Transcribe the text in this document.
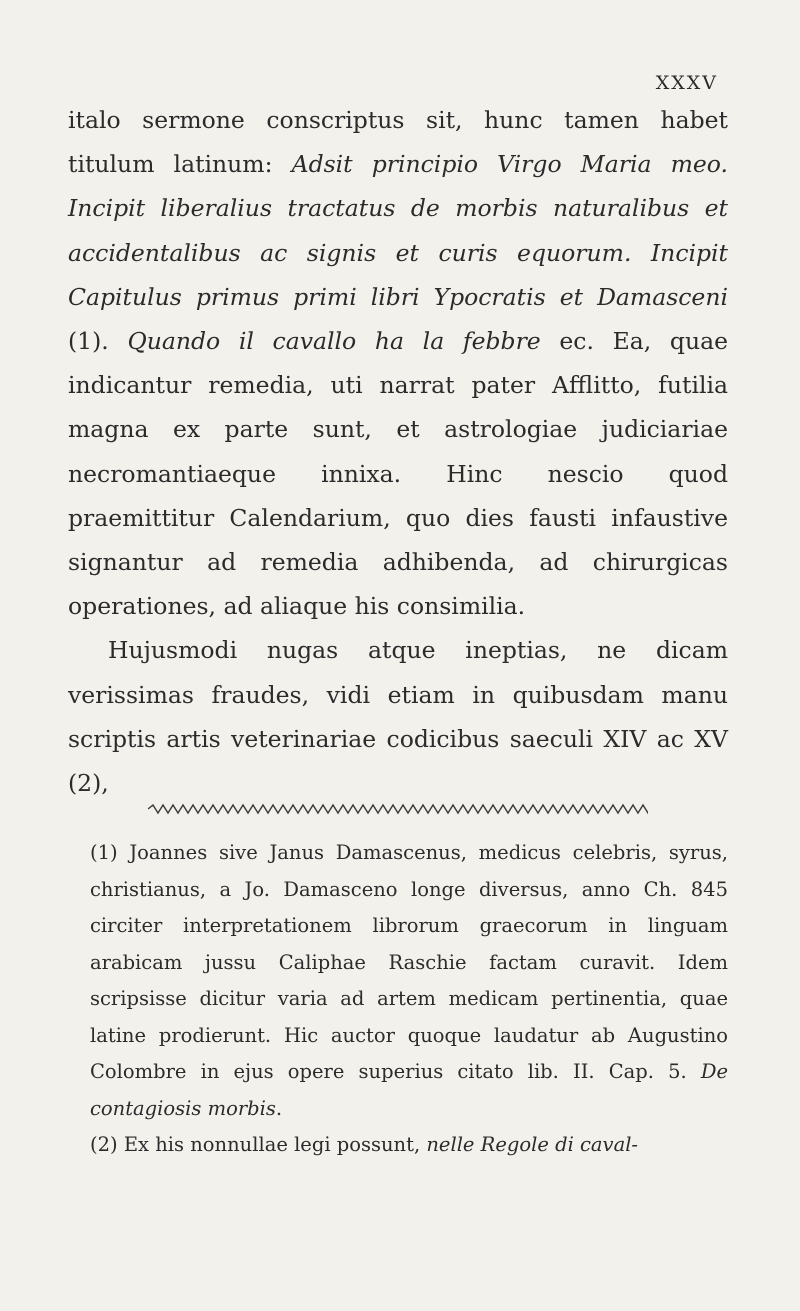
XXXV

italo sermone conscriptus sit, hunc tamen habet titulum latinum: Adsit principio Virgo Maria meo. Incipit liberalius tractatus de morbis naturalibus et accidentalibus ac signis et curis equorum. Incipit Capitulus primus primi libri Ypocratis et Damasceni (1). Quando il cavallo ha la febbre ec. Ea, quae indicantur remedia, uti narrat pater Afflitto, futilia magna ex parte sunt, et astrologiae judiciariae necromantiaeque innixa. Hinc nescio quod praemittitur Calendarium, quo dies fausti infaustive signantur ad remedia adhibenda, ad chirurgicas operationes, ad aliaque his consimilia.

Hujusmodi nugas atque ineptias, ne dicam verissimas fraudes, vidi etiam in quibusdam manu scriptis artis veterinariae codicibus saeculi XIV ac XV (2),

(1) Joannes sive Janus Damascenus, medicus celebris, syrus, christianus, a Jo. Damasceno longe diversus, anno Ch. 845 circiter interpretationem librorum graecorum in linguam arabicam jussu Caliphae Raschie factam curavit. Idem scripsisse dicitur varia ad artem medicam pertinentia, quae latine prodierunt. Hic auctor quoque laudatur ab Augustino Colombre in ejus opere superius citato lib. II. Cap. 5. De contagiosis morbis.

(2) Ex his nonnullae legi possunt, nelle Regole di caval-
